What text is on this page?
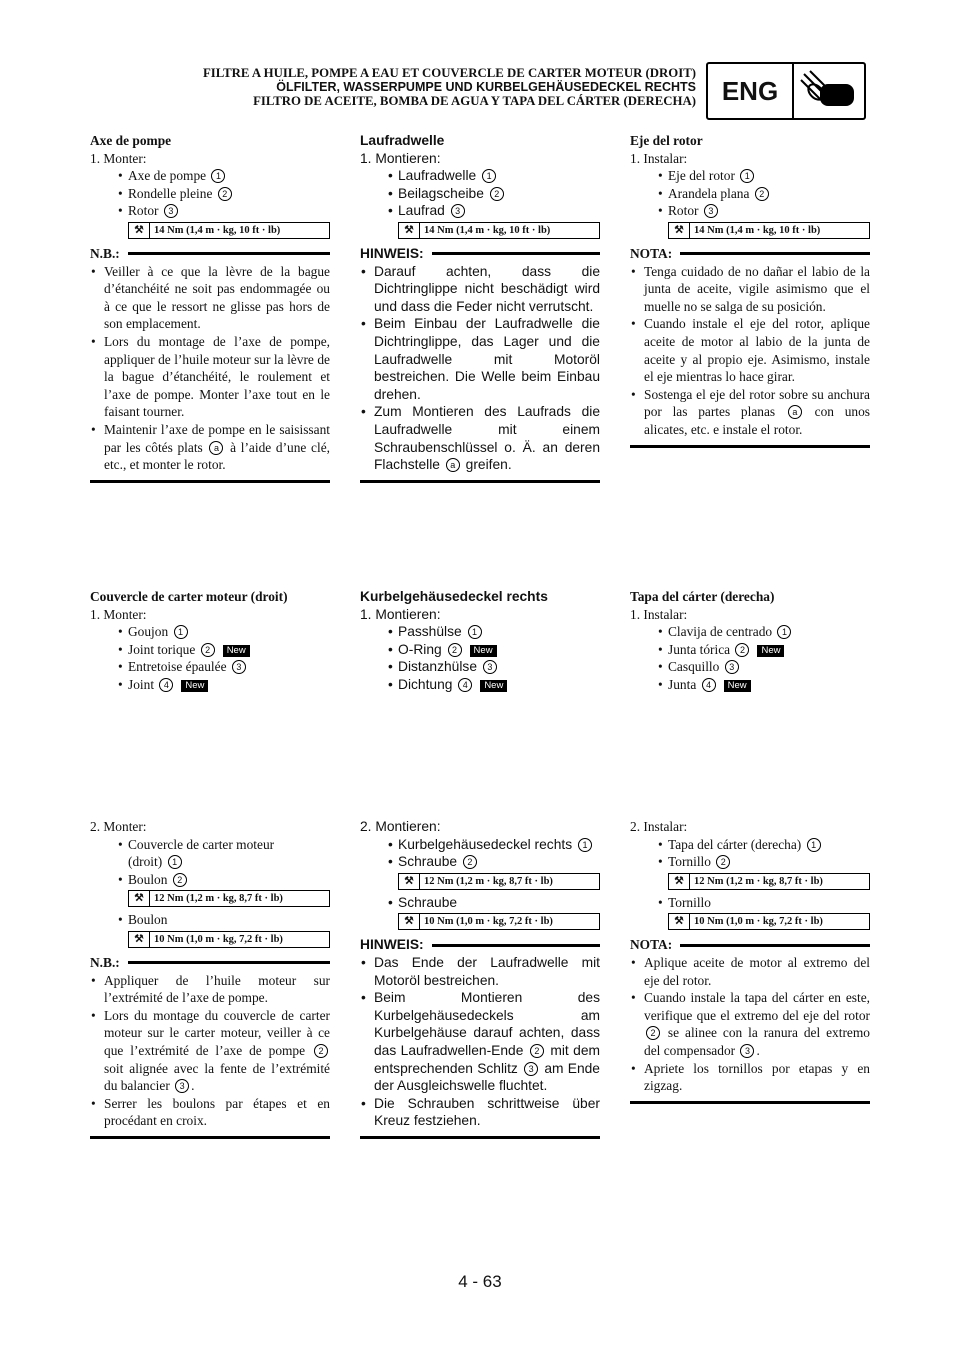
FILTRE A HUILE, POMPE A EAU ET COUVERCLE DE CARTER MOTEUR (DROIT)
ÖLFILTER, WASSERPUMPE UND KURBELGEHÄUSEDECKEL RECHTS
FILTRO DE ACEITE, BOMBA DE AGUA Y TAPA DEL CÁRTER (DERECHA) ENG
Axe de pompe
1. Monter:
• Axe de pompe 1
• Rondelle pleine 2
• Rotor 3
⚒ 14 Nm (1,4 m · kg, 10 ft · lb)
N.B.:
• Veiller à ce que la lèvre de la bague d’étanchéité ne soit pas endommagée ou à ce que le ressort ne glisse pas hors de son emplacement.
• Lors du montage de l’axe de pompe, appliquer de l’huile moteur sur la lèvre de la bague d’étanchéité, le roulement et l’axe de pompe. Monter l’axe tout en le faisant tourner.
• Maintenir l’axe de pompe en le saisissant par les côtés plats a à l’aide d’une clé, etc., et monter le rotor.
Couvercle de carter moteur (droit)
1. Monter:
• Goujon 1
• Joint torique 2 New
• Entretoise épaulée 3
• Joint 4 New
2. Monter:
• Couvercle de carter moteur
(droit) 1
• Boulon 2
⚒ 12 Nm (1,2 m · kg, 8,7 ft · lb)
• Boulon
⚒ 10 Nm (1,0 m · kg, 7,2 ft · lb)
N.B.:
• Appliquer de l’huile moteur sur l’extrémité de l’axe de pompe.
• Lors du montage du couvercle de carter moteur sur le carter moteur, veiller à ce que l’extrémité de l’axe de pompe 2 soit alignée avec la fente de l’extrémité du balancier 3 .
• Serrer les boulons par étapes et en procédant en croix.
Laufradwelle
1. Montieren:
• Laufradwelle 1
• Beilagscheibe 2
• Laufrad 3
⚒ 14 Nm (1,4 m · kg, 10 ft · lb)
HINWEIS:
• Darauf achten, dass die Dichtringlippe nicht beschädigt wird und dass die Feder nicht verrutscht.
• Beim Einbau der Laufradwelle die Dichtringlippe, das Lager und die Laufradwelle mit Motoröl bestreichen. Die Welle beim Einbau drehen.
• Zum Montieren des Laufrads die Laufradwelle mit einem Schraubenschlüssel o. Ä. an deren Flachstelle a greifen.
Kurbelgehäusedeckel rechts
1. Montieren:
• Passhülse 1
• O-Ring 2 New
• Distanzhülse 3
• Dichtung 4 New
2. Montieren:
• Kurbelgehäusedeckel rechts 1
• Schraube 2
⚒ 12 Nm (1,2 m · kg, 8,7 ft · lb)
• Schraube
⚒ 10 Nm (1,0 m · kg, 7,2 ft · lb)
HINWEIS:
• Das Ende der Laufradwelle mit Motoröl bestreichen.
• Beim Montieren des Kurbelgehäusedeckels am Kurbelgehäuse darauf achten, dass das Laufradwellen-Ende 2 mit dem entsprechenden Schlitz 3 am Ende der Ausgleichswelle fluchtet.
• Die Schrauben schrittweise über Kreuz festziehen.
Eje del rotor
1. Instalar:
• Eje del rotor 1
• Arandela plana 2
• Rotor 3
⚒ 14 Nm (1,4 m · kg, 10 ft · lb)
NOTA:
• Tenga cuidado de no dañar el labio de la junta de aceite, vigile asimismo que el muelle no se salga de su posición.
• Cuando instale el eje del rotor, aplique aceite de motor al labio de la junta de aceite y al propio eje. Asimismo, instale el eje mientras lo hace girar.
• Sostenga el eje del rotor sobre su anchura por las partes planas a con unos alicates, etc. e instale el rotor.
Tapa del cárter (derecha)
1. Instalar:
• Clavija de centrado 1
• Junta tórica 2 New
• Casquillo 3
• Junta 4 New
2. Instalar:
• Tapa del cárter (derecha) 1
• Tornillo 2
⚒ 12 Nm (1,2 m · kg, 8,7 ft · lb)
• Tornillo
⚒ 10 Nm (1,0 m · kg, 7,2 ft · lb)
NOTA:
• Aplique aceite de motor al extremo del eje del rotor.
• Cuando instale la tapa del cárter en este, verifique que el extremo del eje del rotor 2 se alinee con la ranura del extremo del compensador 3 .
• Apriete los tornillos por etapas y en zigzag.
4 - 63
